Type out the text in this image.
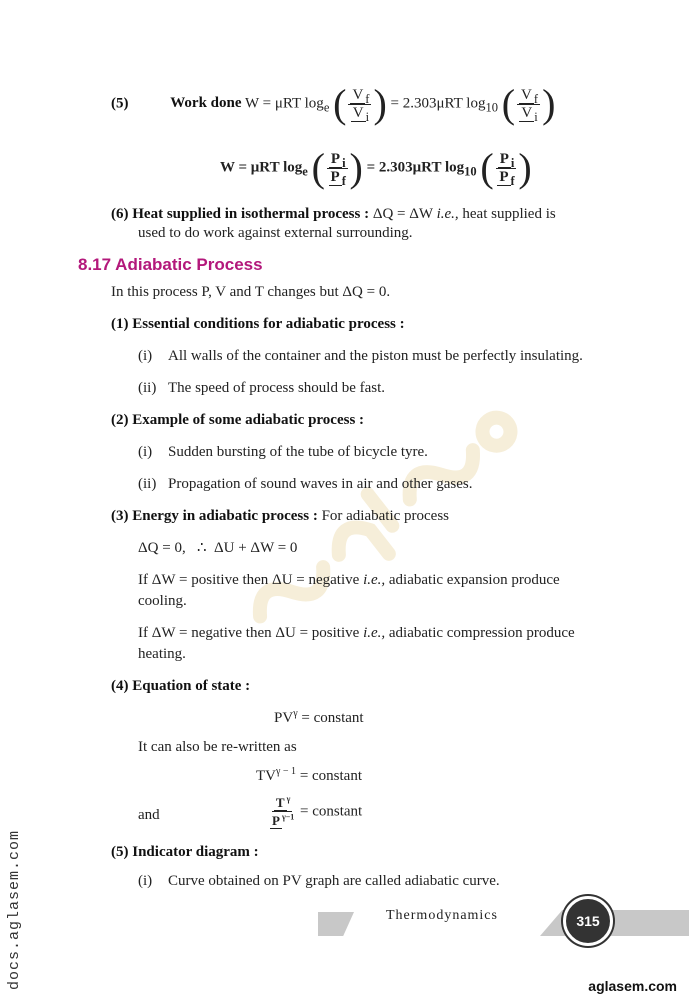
(5)	Work done W = μRT $\log_e$ ( $\frac{V _f}{V _i}$ ) = 2.303μRT $\log_{10}$ ( $\frac{V _f}{V _i}$ )
W = μRT $\log_e$ ( $\frac{P _i}{P _f}$ ) = 2.303μRT $\log_{10}$ ( $\frac{P _i}{P _f}$ )
(6) Heat supplied in isothermal process : ΔQ = ΔW i.e., heat supplied is
used to do work against external surrounding.
8.17 Adiabatic Process
In this process P, V and T changes but ΔQ = 0.
(1) Essential conditions for adiabatic process :
(i) All walls of the container and the piston must be perfectly insulating.
(ii) The speed of process should be fast.
(2) Example of some adiabatic process :
(i) Sudden bursting of the tube of bicycle tyre.
(ii) Propagation of sound waves in air and other gases.
(3) Energy in adiabatic process : For adiabatic process
ΔQ = 0,   ∴  ΔU + ΔW = 0
If ΔW = positive then ΔU = negative i.e., adiabatic expansion produce
cooling.
If ΔW = negative then ΔU = positive i.e., adiabatic compression produce
heating.
(4) Equation of state :
$PV^\gamma$ = constant
It can also be re-written as
$TV^{\gamma - 1}$ = constant
and	$\frac{T ^\gamma}{P ^{\gamma-1}}$ = constant
(5) Indicator diagram :
(i) Curve obtained on PV graph are called adiabatic curve.
Thermodynamics	315
aglasem.com
docs.aglasem.com
